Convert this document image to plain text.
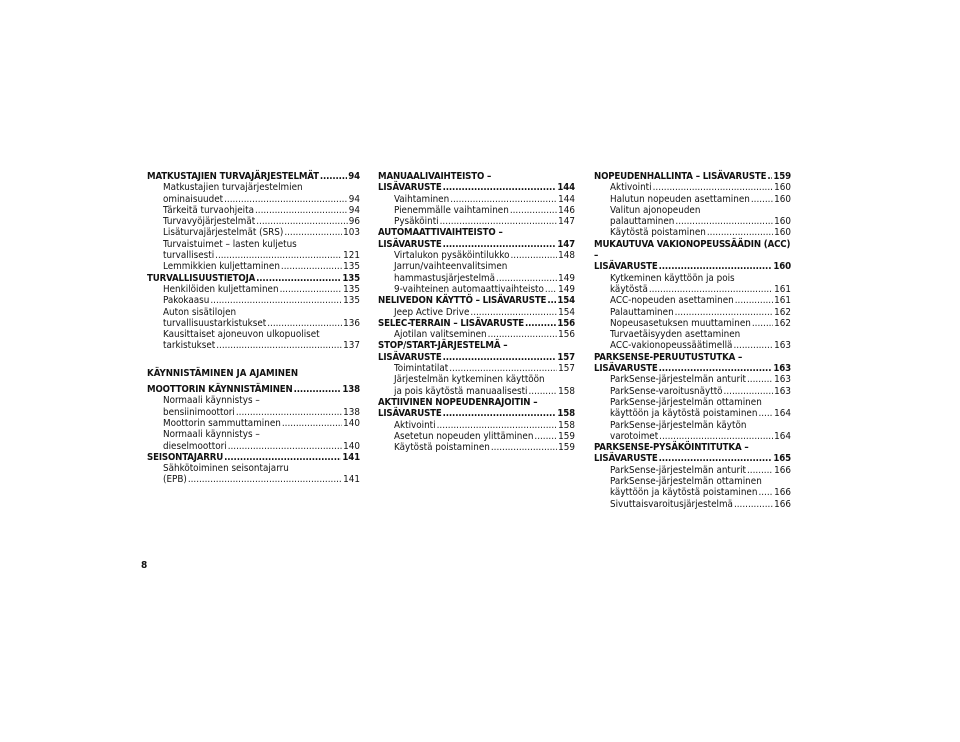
MATKUSTAJIEN TURVAJÄRJESTELMÄT .....	94
Matkustajien turvajärjestelmien
ominaisuudet .....	94
Tärkeitä turvaohjeita .....	94
Turvavyöjärjestelmät .....	96
Lisäturvajärjestelmät (SRS) .....	103
Turvaistuimet – lasten kuljetus
turvallisesti .....	121
Lemmikkien kuljettaminen .....	135
TURVALLISUUSTIETOJA .....	135
Henkilöiden kuljettaminen .....	135
Pakokaasu .....	135
Auton sisätilojen
turvallisuustarkistukset .....	136
Kausittaiset ajoneuvon ulkopuoliset
tarkistukset .....	137
KÄYNNISTÄMINEN JA AJAMINEN
MOOTTORIN KÄYNNISTÄMINEN .....	138
Normaali käynnistys –
bensiinimoottori .....	138
Moottorin sammuttaminen .....	140
Normaali käynnistys –
dieselmoottori .....	140
SEISONTAJARRU .....	141
Sähkötoiminen seisontajarru
(EPB) .....	141
MANUAALIVAIHTEISTO –
LISÄVARUSTE .....	144
Vaihtaminen .....	144
Pienemmälle vaihtaminen .....	146
Pysäköinti .....	147
AUTOMAATTIVAIHTEISTO –
LISÄVARUSTE .....	147
Virtalukon pysäköintilukko .....	148
Jarrun/vaihteenvalitsimen
hammastusjärjestelmä .....	149
9-vaihteinen automaattivaihteisto ..... 149
NELIVEDON KÄYTTÖ – LISÄVARUSTE ..... 154
Jeep Active Drive .....	154
SELEC-TERRAIN – LISÄVARUSTE .....	156
Ajotilan valitseminen .....	156
STOP/START-JÄRJESTELMÄ –
LISÄVARUSTE .....	157
Toimintatilat .....	157
Järjestelmän kytkeminen käyttöön
ja pois käytöstä manuaalisesti .....	158
AKTIIVINEN NOPEUDENRAJOITIN –
LISÄVARUSTE .....	158
Aktivointi .....	158
Asetetun nopeuden ylittäminen .....	159
Käytöstä poistaminen .....	159
NOPEUDENHALLINTA – LISÄVARUSTE ..... 159
Aktivointi .....	160
Halutun nopeuden asettaminen ..... 160
Valitun ajonopeuden
palauttaminen .....	160
Käytöstä poistaminen .....	160
MUKAUTUVA VAKIONOPEUSSÄÄDIN (ACC) –
LISÄVARUSTE .....	160
Kytkeminen käyttöön ja pois
käytöstä .....	161
ACC-nopeuden asettaminen .....	161
Palauttaminen .....	162
Nopeusasetuksen muuttaminen ..... 162
Turvaetäisyyden asettaminen
ACC-vakionopeussäätimellä .....	163
PARKSENSE-PERUUTUSTUTKA –
LISÄVARUSTE .....	163
ParkSense-järjestelmän anturit .....	163
ParkSense-varoitusnäyttö .....	163
ParkSense-järjestelmän ottaminen
käyttöön ja käytöstä poistaminen ..... 164
ParkSense-järjestelmän käytön
varotoimet .....	164
PARKSENSE-PYSÄKÖINTITUTKA –
LISÄVARUSTE .....	165
ParkSense-järjestelmän anturit .....	166
ParkSense-järjestelmän ottaminen
käyttöön ja käytöstä poistaminen ..... 166
Sivuttaisvaroitusjärjestelmä .....	166
8
